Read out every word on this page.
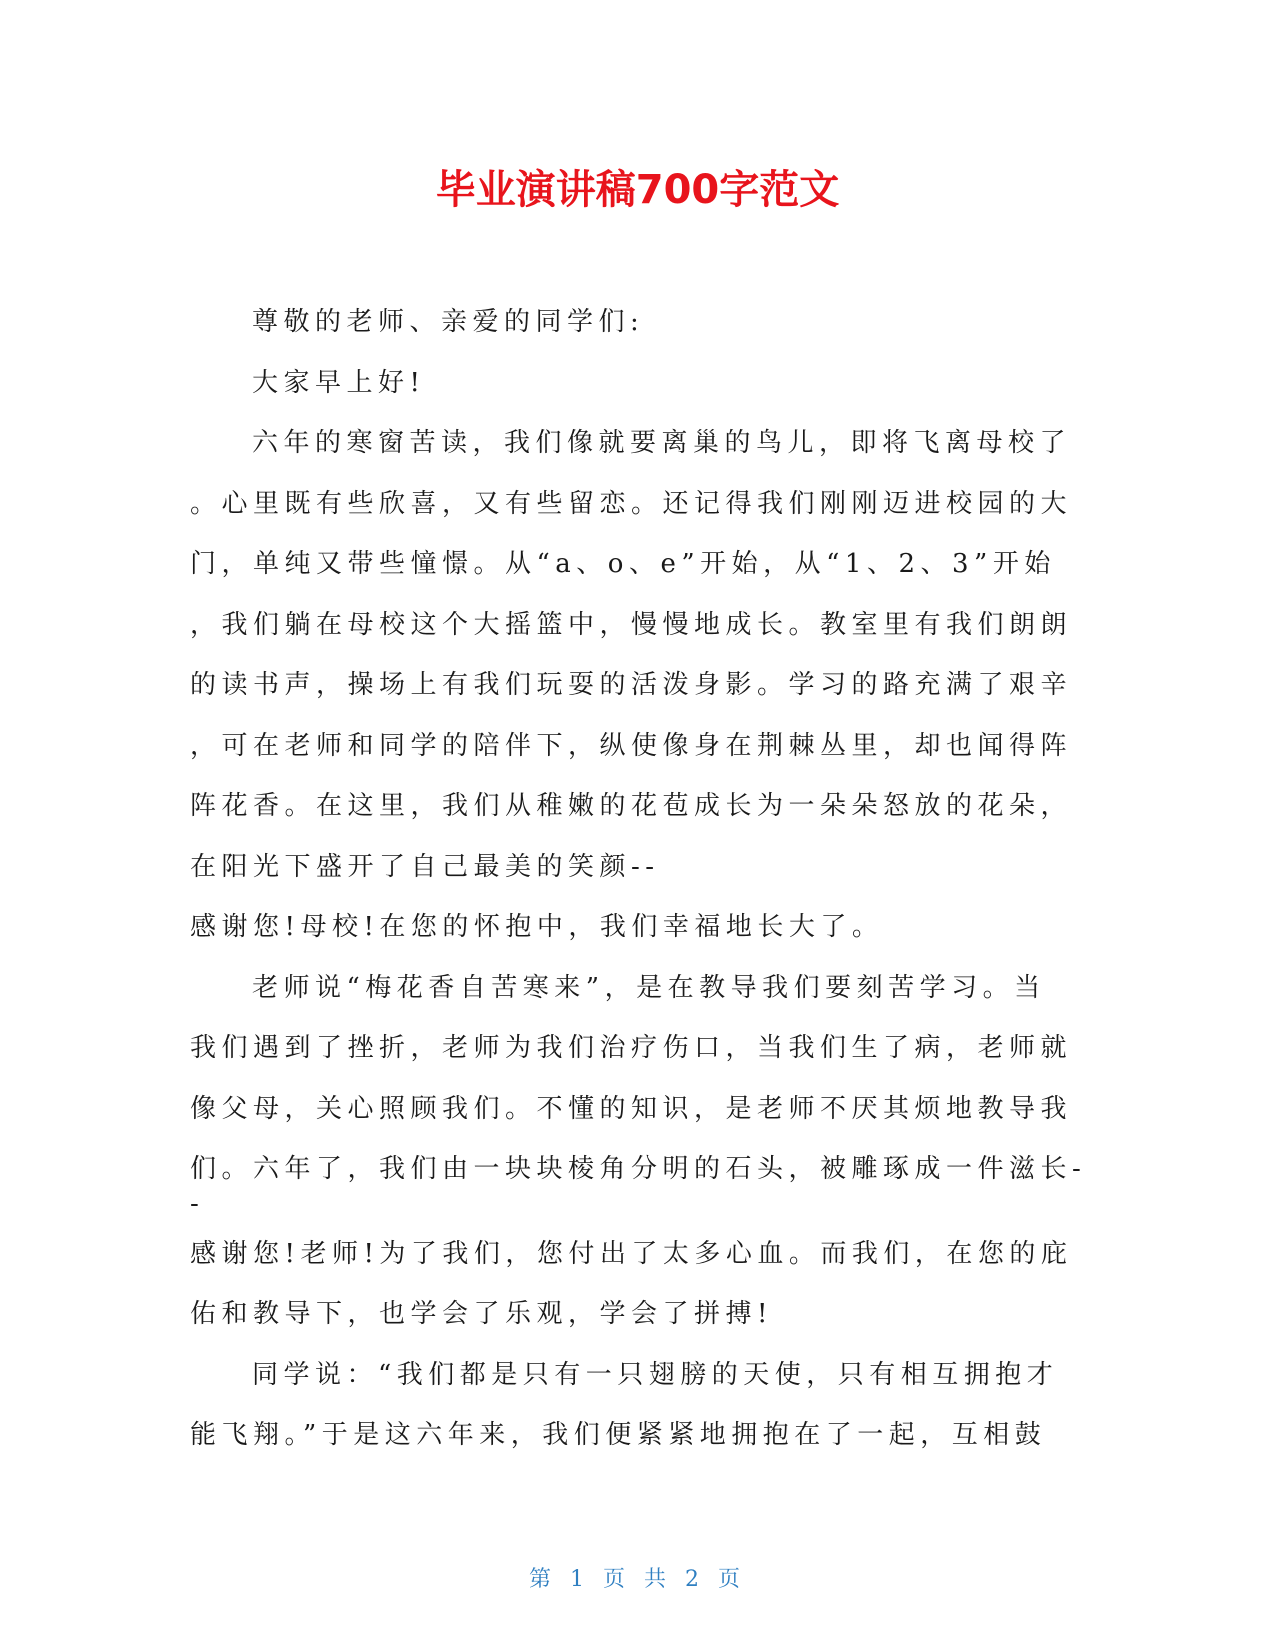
毕业演讲稿700字范文
尊敬的老师、亲爱的同学们:
大家早上好!
六年的寒窗苦读，我们像就要离巢的鸟儿，即将飞离母校了
。心里既有些欣喜，又有些留恋。还记得我们刚刚迈进校园的大
门，单纯又带些憧憬。从“a、o、e”开始，从“1、2、3”开始
，我们躺在母校这个大摇篮中，慢慢地成长。教室里有我们朗朗
的读书声，操场上有我们玩耍的活泼身影。学习的路充满了艰辛
，可在老师和同学的陪伴下，纵使像身在荆棘丛里，却也闻得阵
阵花香。在这里，我们从稚嫩的花苞成长为一朵朵怒放的花朵，
在阳光下盛开了自己最美的笑颜--
感谢您!母校!在您的怀抱中，我们幸福地长大了。
老师说“梅花香自苦寒来”，是在教导我们要刻苦学习。当
我们遇到了挫折，老师为我们治疗伤口，当我们生了病，老师就
像父母，关心照顾我们。不懂的知识，是老师不厌其烦地教导我
们。六年了，我们由一块块棱角分明的石头，被雕琢成一件滋长-
-
感谢您!老师!为了我们，您付出了太多心血。而我们，在您的庇
佑和教导下，也学会了乐观，学会了拼搏!
同学说：“我们都是只有一只翅膀的天使，只有相互拥抱才
能飞翔。”于是这六年来，我们便紧紧地拥抱在了一起，互相鼓
第 1 页 共 2 页
